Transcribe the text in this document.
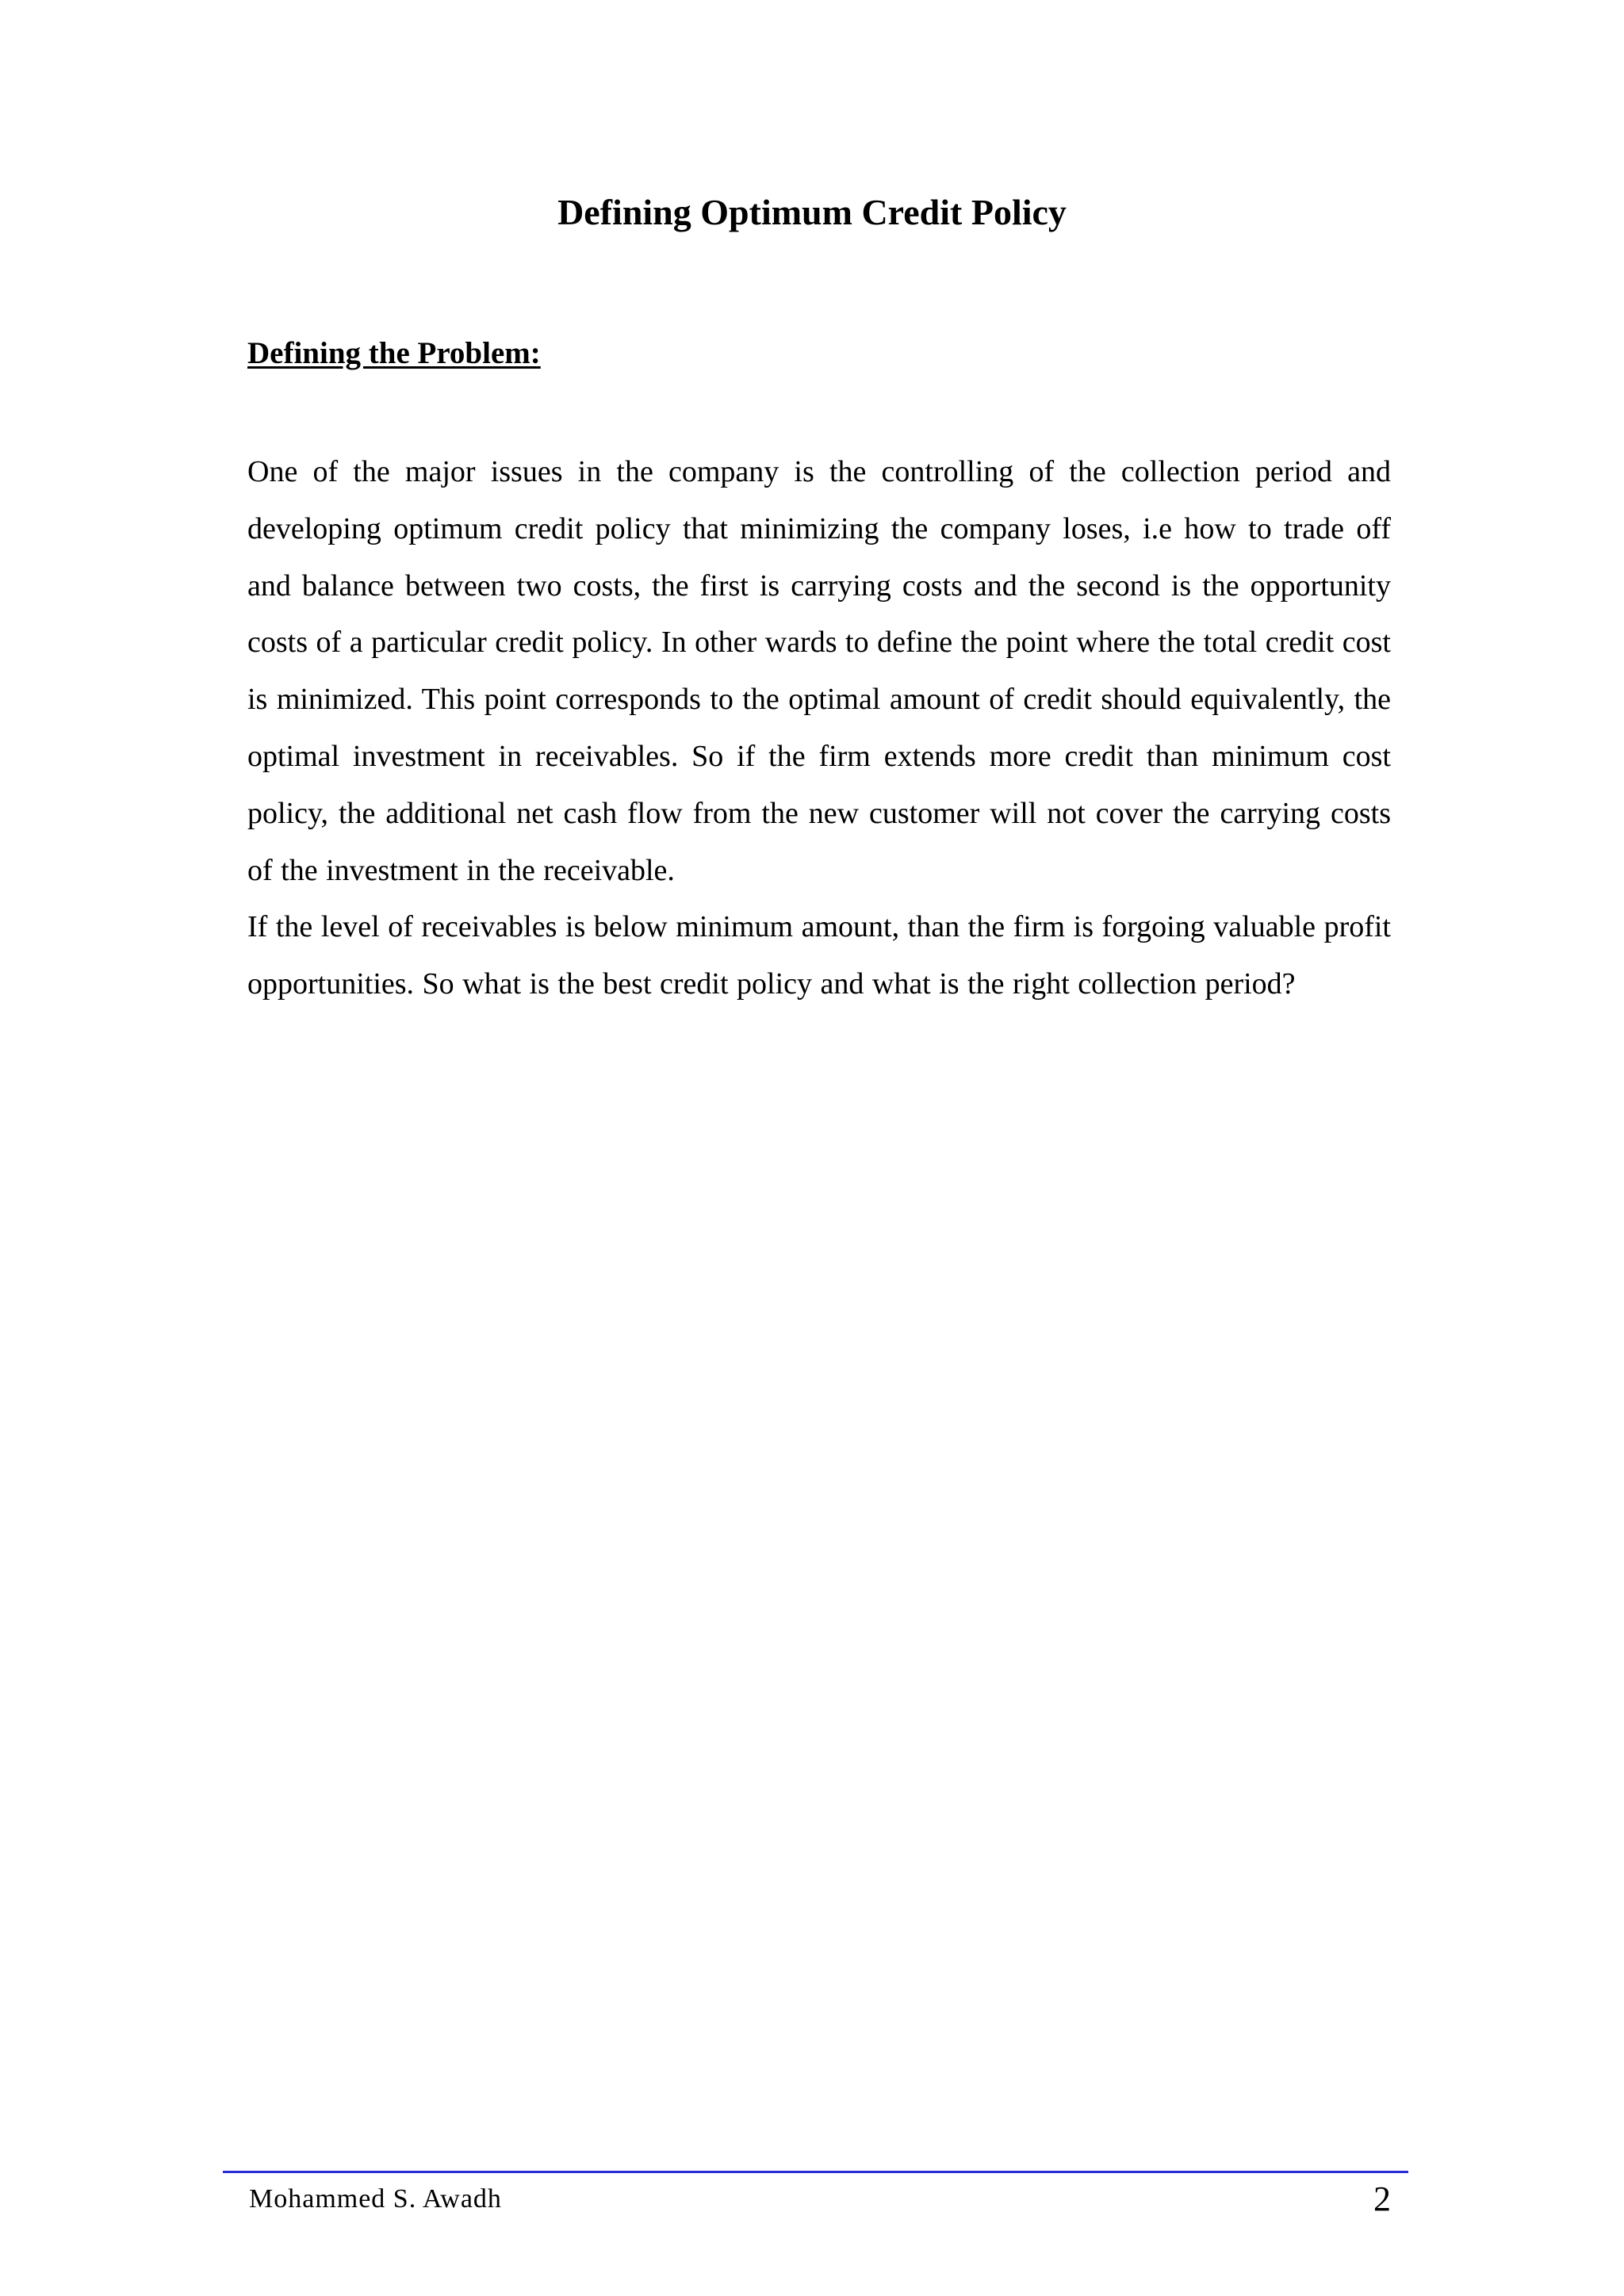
Defining Optimum Credit Policy
Defining the Problem:

One of the major issues in the company is the controlling of the collection period and developing optimum credit policy that minimizing the company loses, i.e how to trade off and balance between two costs, the first is carrying costs and the second is the opportunity costs of a particular credit policy. In other wards to define the point where the total credit cost is minimized. This point corresponds to the optimal amount of credit should equivalently, the optimal investment in receivables. So if the firm extends more credit than minimum cost policy, the additional net cash flow from the new customer will not cover the carrying costs of the investment in the receivable.

If the level of receivables is below minimum amount, than the firm is forgoing valuable profit opportunities. So what is the best credit policy and what is the right collection period?

Mohammed S. Awadh	2
